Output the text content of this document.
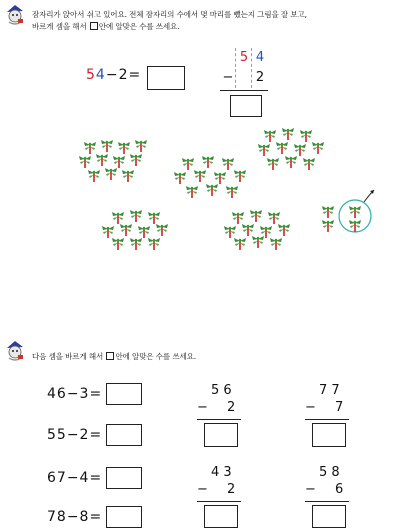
잠자리가 앉아서 쉬고 있어요. 전체 잠자리의 수에서 몇 마리를 뺐는지 그림을 잘 보고,
바르게 셈을 해서 안에 알맞은 수를 쓰세요.
54−2=
5 4
− 2
다음 셈을 바르게 해서 안에 알맞은 수를 쓰세요.
46−3=
55−2=
67−4=
78−8=
5 6
− 2
7 7
− 7
4 3
− 2
5 8
− 6
